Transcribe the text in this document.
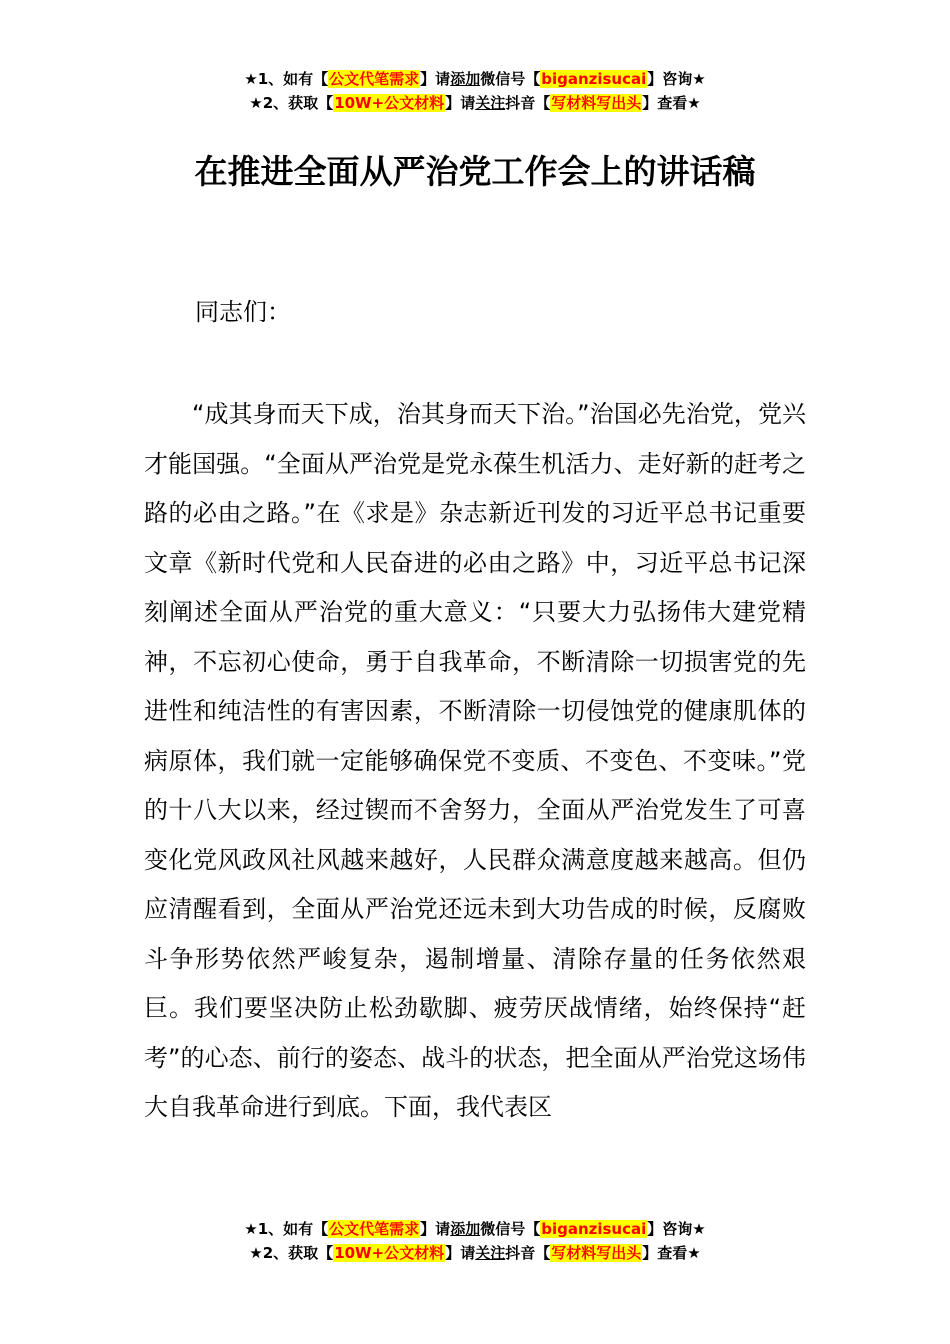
★1、如有【公文代笔需求】请添加微信号【biganzisucai】咨询★
★2、获取【10W+公文材料】请关注抖音【写材料写出头】查看★
在推进全面从严治党工作会上的讲话稿
同志们：

“成其身而天下成，治其身而天下治。”治国必先治党，党兴才能国强。“全面从严治党是党永葆生机活力、走好新的赶考之路的必由之路。”在《求是》杂志新近刊发的习近平总书记重要文章《新时代党和人民奋进的必由之路》中，习近平总书记深刻阐述全面从严治党的重大意义：“只要大力弘扬伟大建党精神，不忘初心使命，勇于自我革命，不断清除一切损害党的先进性和纯洁性的有害因素，不断清除一切侵蚀党的健康肌体的病原体，我们就一定能够确保党不变质、不变色、不变味。”党的十八大以来，经过锲而不舍努力，全面从严治党发生了可喜变化党风政风社风越来越好，人民群众满意度越来越高。但仍应清醒看到，全面从严治党还远未到大功告成的时候，反腐败斗争形势依然严峻复杂，遏制增量、清除存量的任务依然艰巨。我们要坚决防止松劲歇脚、疲劳厌战情绪，始终保持“赶考”的心态、前行的姿态、战斗的状态，把全面从严治党这场伟大自我革命进行到底。下面，我代表区

★1、如有【公文代笔需求】请添加微信号【biganzisucai】咨询★
★2、获取【10W+公文材料】请关注抖音【写材料写出头】查看★
